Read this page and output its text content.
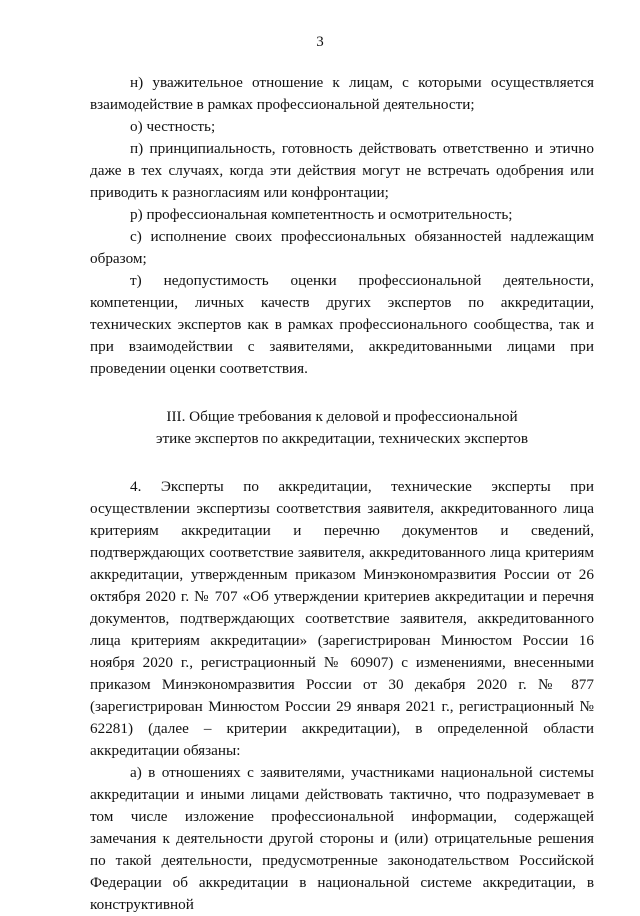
3

н) уважительное отношение к лицам, с которыми осуществляется взаимодействие в рамках профессиональной деятельности;

о) честность;

п) принципиальность, готовность действовать ответственно и этично даже в тех случаях, когда эти действия могут не встречать одобрения или приводить к разногласиям или конфронтации;

р) профессиональная компетентность и осмотрительность;

с) исполнение своих профессиональных обязанностей надлежащим образом;

т) недопустимость оценки профессиональной деятельности, компетенции, личных качеств других экспертов по аккредитации, технических экспертов как в рамках профессионального сообщества, так и при взаимодействии с заявителями, аккредитованными лицами при проведении оценки соответствия.

III. Общие требования к деловой и профессиональной
этике экспертов по аккредитации, технических экспертов

4. Эксперты по аккредитации, технические эксперты при осуществлении экспертизы соответствия заявителя, аккредитованного лица критериям аккредитации и перечню документов и сведений, подтверждающих соответствие заявителя, аккредитованного лица критериям аккредитации, утвержденным приказом Минэкономразвития России от 26 октября 2020 г. № 707 «Об утверждении критериев аккредитации и перечня документов, подтверждающих соответствие заявителя, аккредитованного лица критериям аккредитации» (зарегистрирован Минюстом России 16 ноября 2020 г., регистрационный № 60907) с изменениями, внесенными приказом Минэкономразвития России от 30 декабря 2020 г. № 877 (зарегистрирован Минюстом России 29 января 2021 г., регистрационный № 62281) (далее – критерии аккредитации), в определенной области аккредитации обязаны:

а) в отношениях с заявителями, участниками национальной системы аккредитации и иными лицами действовать тактично, что подразумевает в том числе изложение профессиональной информации, содержащей замечания к деятельности другой стороны и (или) отрицательные решения по такой деятельности, предусмотренные законодательством Российской Федерации об аккредитации в национальной системе аккредитации, в конструктивной
